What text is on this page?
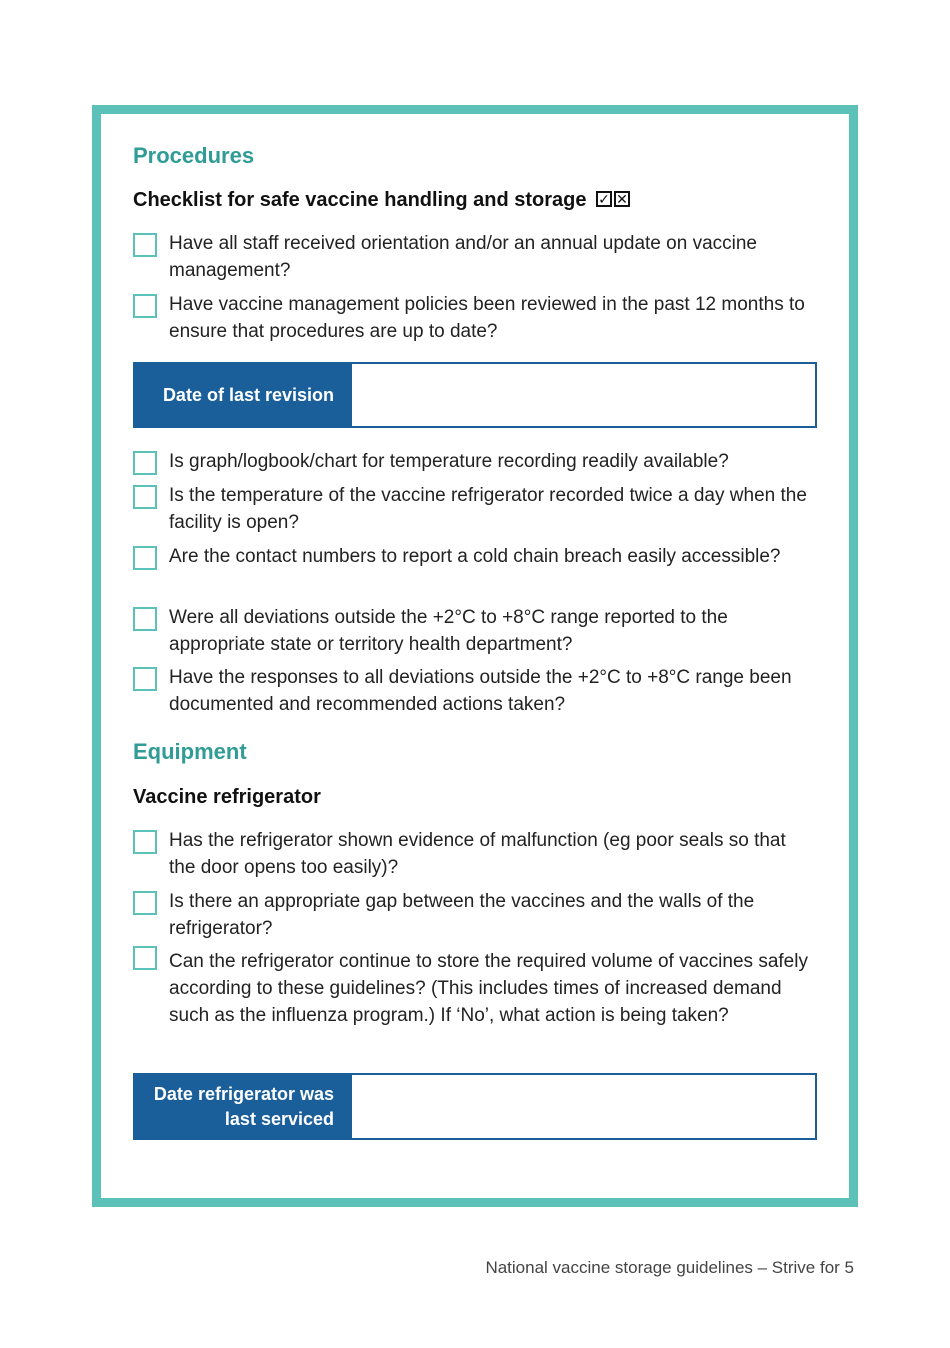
Procedures
Checklist for safe vaccine handling and storage ✓ ✕
Have all staff received orientation and/or an annual update on vaccine management?
Have vaccine management policies been reviewed in the past 12 months to ensure that procedures are up to date?
Date of last revision
Is graph/logbook/chart for temperature recording readily available?
Is the temperature of the vaccine refrigerator recorded twice a day when the facility is open?
Are the contact numbers to report a cold chain breach easily accessible?
Were all deviations outside the +2°C to +8°C range reported to the appropriate state or territory health department?
Have the responses to all deviations outside the +2°C to +8°C range been documented and recommended actions taken?
Equipment
Vaccine refrigerator
Has the refrigerator shown evidence of malfunction (eg poor seals so that the door opens too easily)?
Is there an appropriate gap between the vaccines and the walls of the refrigerator?
Can the refrigerator continue to store the required volume of vaccines safely according to these guidelines? (This includes times of increased demand such as the influenza program.) If ‘No’, what action is being taken?
Date refrigerator was last serviced
National vaccine storage guidelines – Strive for 5
